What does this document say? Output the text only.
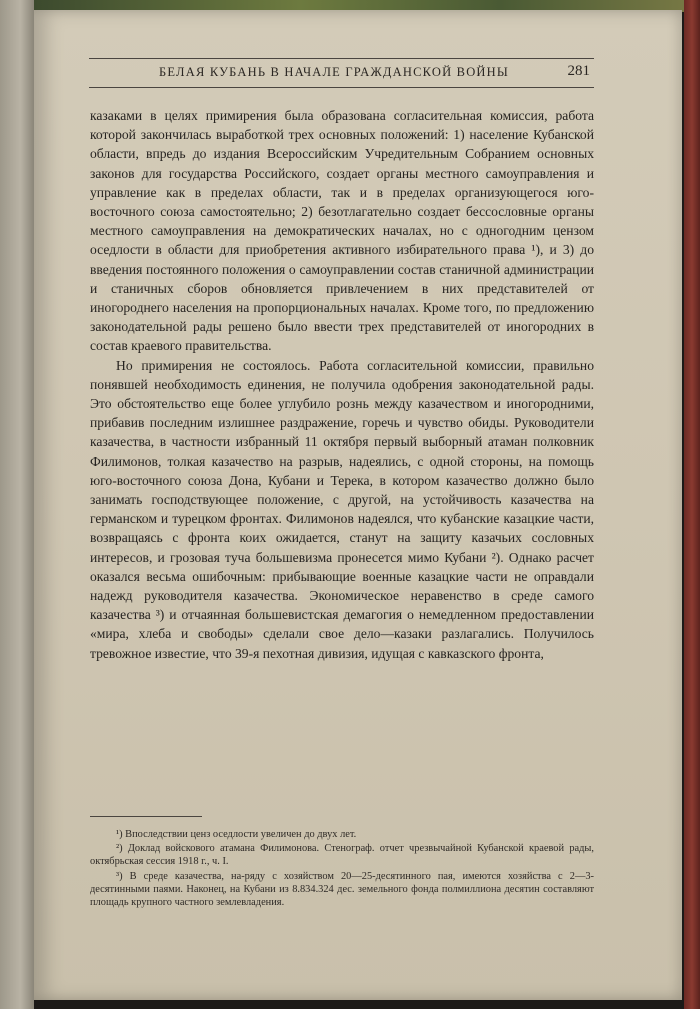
БЕЛАЯ КУБАНЬ В НАЧАЛЕ ГРАЖДАНСКОЙ ВОЙНЫ	281

казаками в целях примирения была образована согласительная комиссия, работа которой закончилась выработкой трех основных положений: 1) население Кубанской области, впредь до издания Всероссийским Учредительным Собранием основных законов для государства Российского, создает органы местного самоуправления и управление как в пределах области, так и в пределах организующегося юго-восточного союза самостоятельно; 2) безотлагательно создает бессословные органы местного самоуправления на демократических началах, но с одногодним цензом оседлости в области для приобретения активного избирательного права ¹), и 3) до введения постоянного положения о самоуправлении состав станичной администрации и станичных сборов обновляется привлечением в них представителей от иногороднего населения на пропорциональных началах. Кроме того, по предложению законодательной рады решено было ввести трех представителей от иногородних в состав краевого правительства.

Но примирения не состоялось. Работа согласительной комиссии, правильно понявшей необходимость единения, не получила одобрения законодательной рады. Это обстоятельство еще более углубило рознь между казачеством и иногородними, прибавив последним излишнее раздражение, горечь и чувство обиды. Руководители казачества, в частности избранный 11 октября первый выборный атаман полковник Филимонов, толкая казачество на разрыв, надеялись, с одной стороны, на помощь юго-восточного союза Дона, Кубани и Терека, в котором казачество должно было занимать господствующее положение, с другой, на устойчивость казачества на германском и турецком фронтах. Филимонов надеялся, что кубанские казацкие части, возвращаясь с фронта коих ожидается, станут на защиту казачьих сословных интересов, и грозовая туча большевизма пронесется мимо Кубани ²). Однако расчет оказался весьма ошибочным: прибывающие военные казацкие части не оправдали надежд руководителя казачества. Экономическое неравенство в среде самого казачества ³) и отчаянная большевистская демагогия о немедленном предоставлении «мира, хлеба и свободы» сделали свое дело—казаки разлагались. Получилось тревожное известие, что 39-я пехотная дивизия, идущая с кавказского фронта,

¹) Впоследствии ценз оседлости увеличен до двух лет.

²) Доклад войскового атамана Филимонова. Стенограф. отчет чрезвычайной Кубанской краевой рады, октябрьская сессия 1918 г., ч. I.

³) В среде казачества, на-ряду с хозяйством 20—25-десятинного пая, имеются хозяйства с 2—3-десятинными паями. Наконец, на Кубани из 8.834.324 дес. земельного фонда полмиллиона десятин составляют площадь крупного частного землевладения.
